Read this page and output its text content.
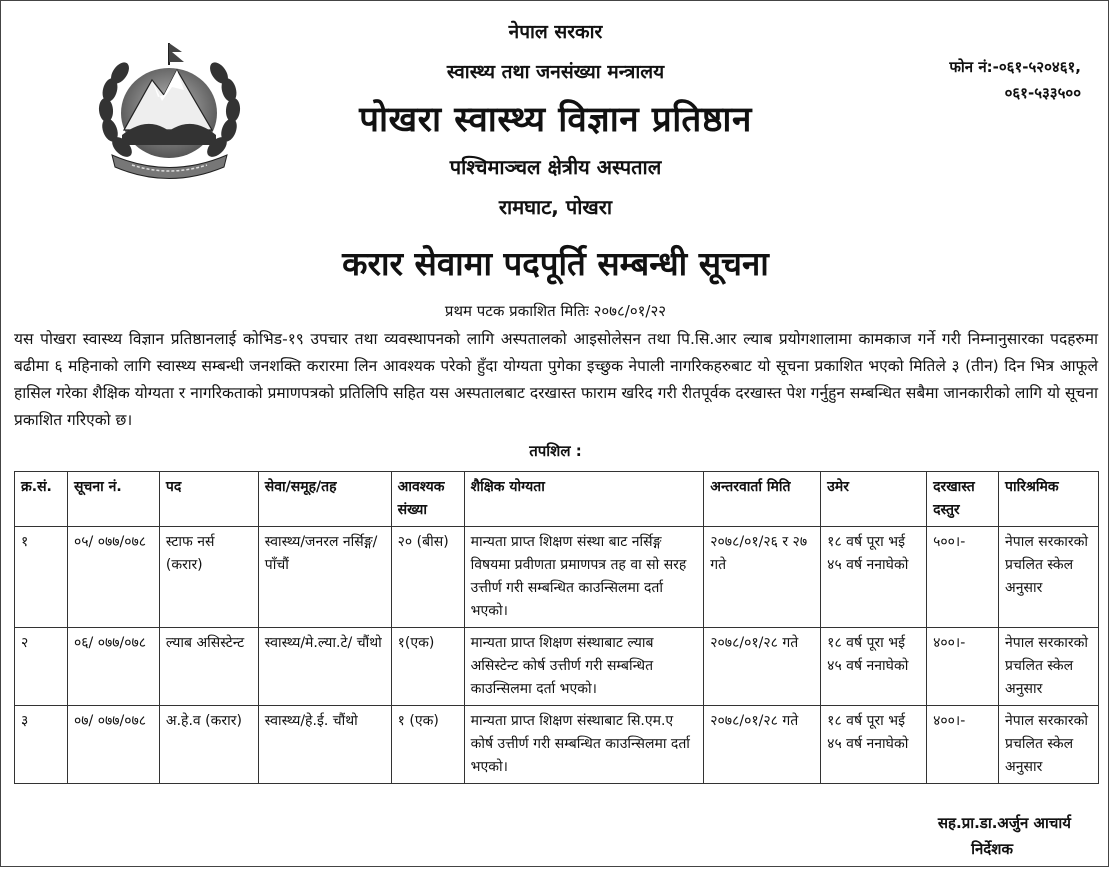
नेपाल सरकार
स्वास्थ्य तथा जनसंख्या मन्त्रालय
पोखरा स्वास्थ्य विज्ञान प्रतिष्ठान
पश्चिमाञ्चल क्षेत्रीय अस्पताल
रामघाट, पोखरा
फोन नं:-०६१-५२०४६१,
०६१-५३३५००
करार सेवामा पदपूर्ति सम्बन्धी सूचना
प्रथम पटक प्रकाशित मितिः २०७८/०१/२२
यस पोखरा स्वास्थ्य विज्ञान प्रतिष्ठानलाई कोभिड-१९ उपचार तथा व्यवस्थापनको लागि अस्पतालको आइसोलेसन तथा पि.सि.आर ल्याब प्रयोगशालामा कामकाज गर्ने गरी निम्नानुसारका पदहरुमा बढीमा ६ महिनाको लागि स्वास्थ्य सम्बन्धी जनशक्ति करारमा लिन आवश्यक परेको हुँदा योग्यता पुगेका इच्छुक नेपाली नागरिकहरुबाट यो सूचना प्रकाशित भएको मितिले ३ (तीन) दिन भित्र आफूले हासिल गरेका शैक्षिक योग्यता र नागरिकताको प्रमाणपत्रको प्रतिलिपि सहित यस अस्पतालबाट दरखास्त फाराम खरिद गरी रीतपूर्वक दरखास्त पेश गर्नुहुन सम्बन्धित सबैमा जानकारीको लागि यो सूचना प्रकाशित गरिएको छ।
तपशिल :
क्र.सं.	सूचना नं.	पद	सेवा/समूह/तह	आवश्यक संख्या	शैक्षिक योग्यता	अन्तरवार्ता मिति	उमेर	दरखास्त दस्तुर	पारिश्रमिक
१	०५/ ०७७/०७८	स्टाफ नर्स (करार)	स्वास्थ्य/जनरल नर्सिङ्ग/ पाँचौं	२० (बीस)	मान्यता प्राप्त शिक्षण संस्था बाट नर्सिङ्ग विषयमा प्रवीणता प्रमाणपत्र तह वा सो सरह उत्तीर्ण गरी सम्बन्धित काउन्सिलमा दर्ता भएको।	२०७८/०१/२६ र २७ गते	१८ वर्ष पूरा भई ४५ वर्ष ननाघेको	५००।-	नेपाल सरकारको प्रचलित स्केल अनुसार
२	०६/ ०७७/०७८	ल्याब असिस्टेन्ट	स्वास्थ्य/मे.ल्या.टे/ चौंथो	१(एक)	मान्यता प्राप्त शिक्षण संस्थाबाट ल्याब असिस्टेन्ट कोर्ष उत्तीर्ण गरी सम्बन्धित काउन्सिलमा दर्ता भएको।	२०७८/०१/२८ गते	१८ वर्ष पूरा भई ४५ वर्ष ननाघेको	४००।-	नेपाल सरकारको प्रचलित स्केल अनुसार
३	०७/ ०७७/०७८	अ.हे.व (करार)	स्वास्थ्य/हे.ई. चौंथो	१ (एक)	मान्यता प्राप्त शिक्षण संस्थाबाट सि.एम.ए कोर्ष उत्तीर्ण गरी सम्बन्धित काउन्सिलमा दर्ता भएको।	२०७८/०१/२८ गते	१८ वर्ष पूरा भई ४५ वर्ष ननाघेको	४००।-	नेपाल सरकारको प्रचलित स्केल अनुसार
सह.प्रा.डा.अर्जुन आचार्य
निर्देशक
